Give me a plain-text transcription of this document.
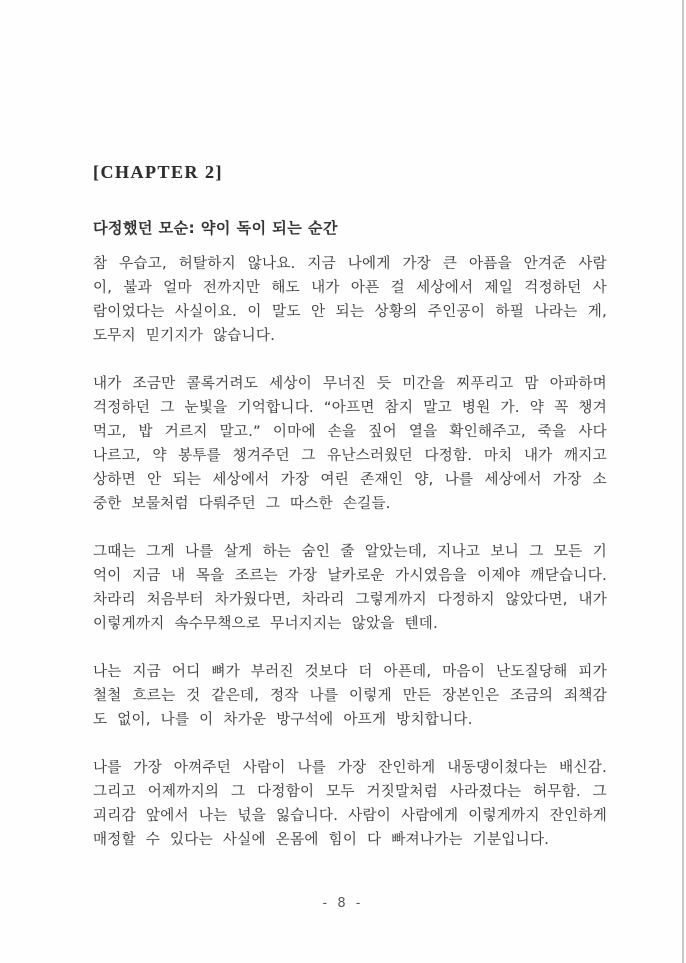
[CHAPTER 2]
다정했던 모순: 약이 독이 되는 순간

참 우습고, 허탈하지 않나요. 지금 나에게 가장 큰 아픔을 안겨준 사람이, 불과 얼마 전까지만 해도 내가 아픈 걸 세상에서 제일 걱정하던 사람이었다는 사실이요. 이 말도 안 되는 상황의 주인공이 하필 나라는 게, 도무지 믿기지가 않습니다.

내가 조금만 콜록거려도 세상이 무너진 듯 미간을 찌푸리고 맘 아파하며 걱정하던 그 눈빛을 기억합니다. “아프면 참지 말고 병원 가. 약 꼭 챙겨 먹고, 밥 거르지 말고.” 이마에 손을 짚어 열을 확인해주고, 죽을 사다 나르고, 약 봉투를 챙겨주던 그 유난스러웠던 다정함. 마치 내가 깨지고 상하면 안 되는 세상에서 가장 여린 존재인 양, 나를 세상에서 가장 소중한 보물처럼 다뤄주던 그 따스한 손길들.

그때는 그게 나를 살게 하는 숨인 줄 알았는데, 지나고 보니 그 모든 기억이 지금 내 목을 조르는 가장 날카로운 가시였음을 이제야 깨닫습니다. 차라리 처음부터 차가웠다면, 차라리 그렇게까지 다정하지 않았다면, 내가 이렇게까지 속수무책으로 무너지지는 않았을 텐데.

나는 지금 어디 뼈가 부러진 것보다 더 아픈데, 마음이 난도질당해 피가 철철 흐르는 것 같은데, 정작 나를 이렇게 만든 장본인은 조금의 죄책감도 없이, 나를 이 차가운 방구석에 아프게 방치합니다.

나를 가장 아껴주던 사람이 나를 가장 잔인하게 내동댕이쳤다는 배신감. 그리고 어제까지의 그 다정함이 모두 거짓말처럼 사라졌다는 허무함. 그 괴리감 앞에서 나는 넋을 잃습니다. 사람이 사람에게 이렇게까지 잔인하게 매정할 수 있다는 사실에 온몸에 힘이 다 빠져나가는 기분입니다.

- 8 -
